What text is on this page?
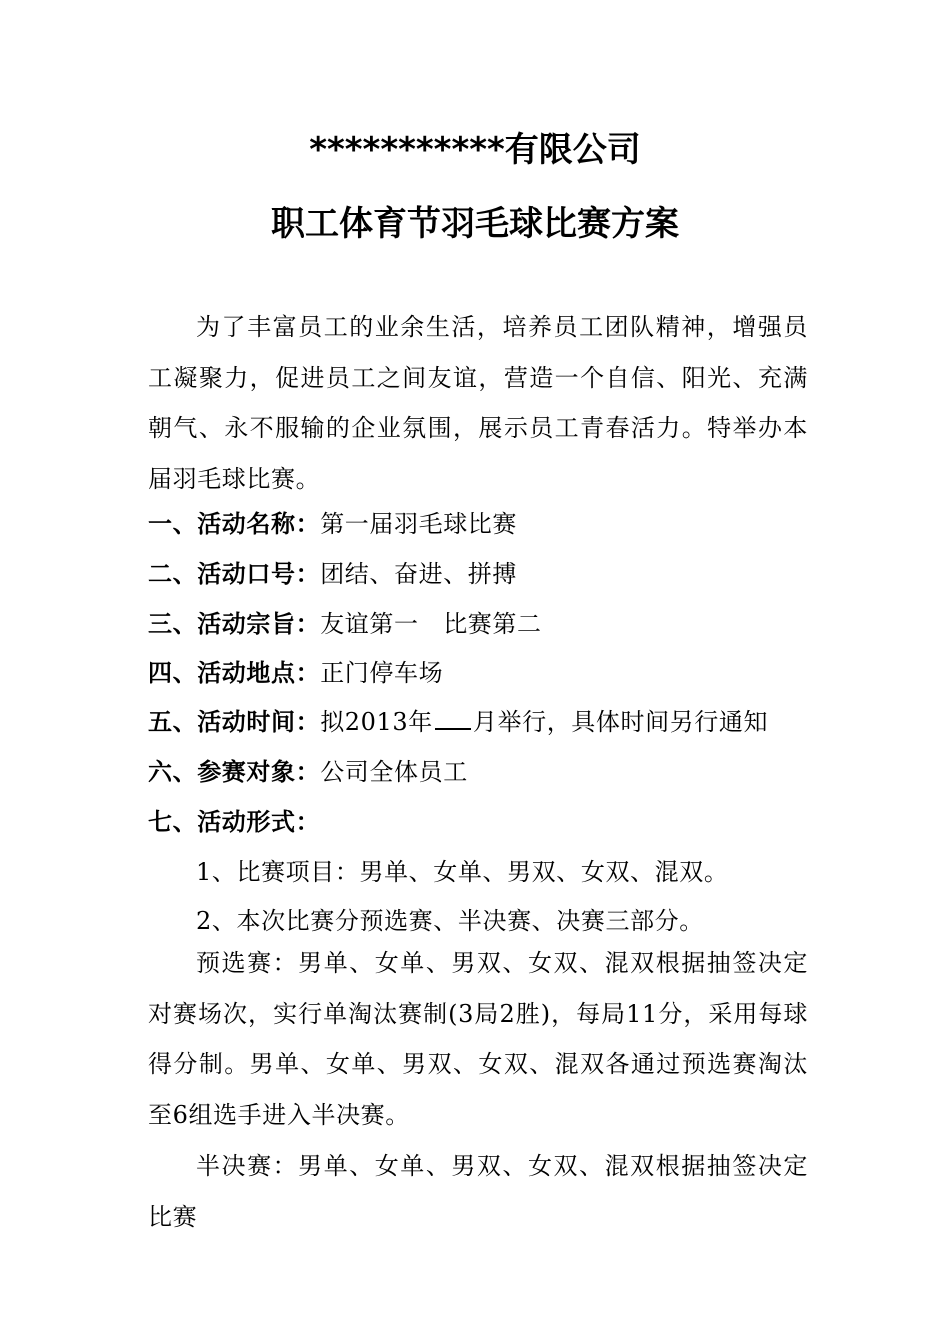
***********有限公司
职工体育节羽毛球比赛方案

为了丰富员工的业余生活，培养员工团队精神，增强员工凝聚力，促进员工之间友谊，营造一个自信、阳光、充满朝气、永不服输的企业氛围，展示员工青春活力。特举办本届羽毛球比赛。

一、活动名称：第一届羽毛球比赛
二、活动口号：团结、奋进、拼搏
三、活动宗旨：友谊第一　比赛第二
四、活动地点：正门停车场
五、活动时间：拟2013年 月举行，具体时间另行通知
六、参赛对象：公司全体员工
七、活动形式：
1、比赛项目：男单、女单、男双、女双、混双。
2、本次比赛分预选赛、半决赛、决赛三部分。

预选赛：男单、女单、男双、女双、混双根据抽签决定对赛场次，实行单淘汰赛制(3局2胜)，每局11分，采用每球得分制。男单、女单、男双、女双、混双各通过预选赛淘汰至6组选手进入半决赛。

半决赛：男单、女单、男双、女双、混双根据抽签决定比赛
